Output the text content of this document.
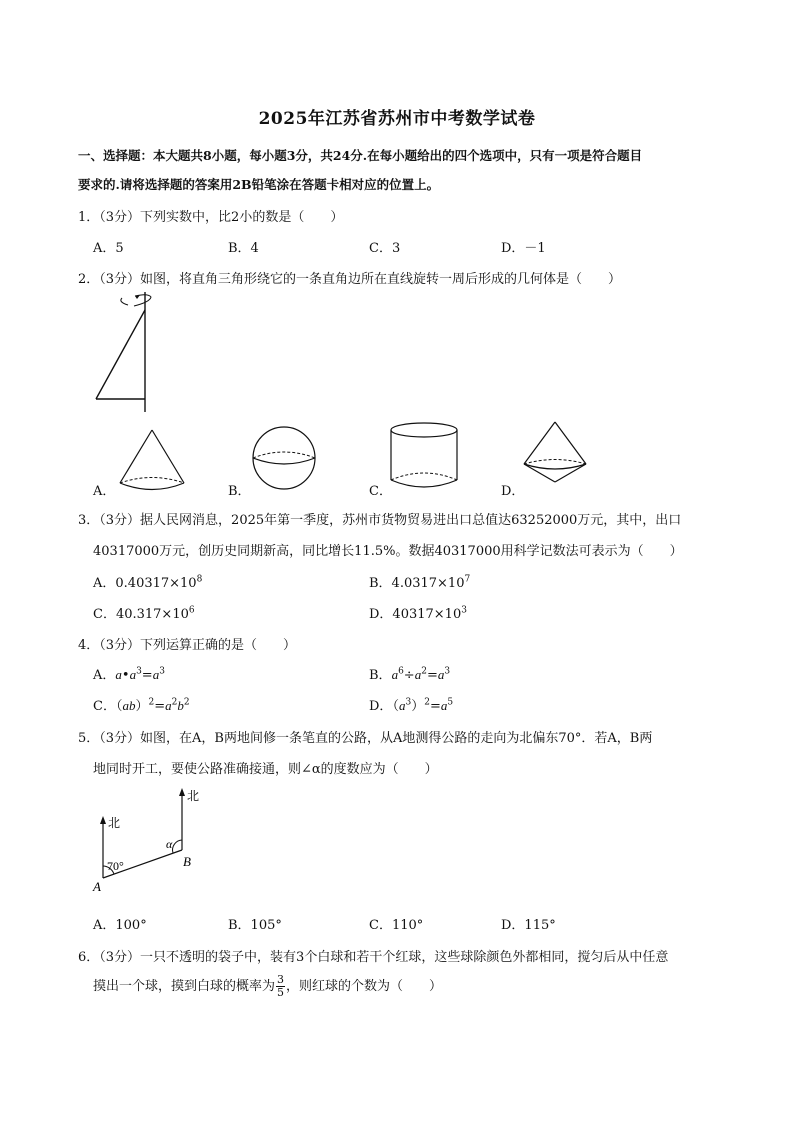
2025年江苏省苏州市中考数学试卷
一、选择题：本大题共8小题，每小题3分，共24分.在每小题给出的四个选项中，只有一项是符合题目
要求的.请将选择题的答案用2B铅笔涂在答题卡相对应的位置上。
1．（3分）下列实数中，比2小的数是（　　）
A．5	B．4	C．3	D．－1
2．（3分）如图，将直角三角形绕它的一条直角边所在直线旋转一周后形成的几何体是（　　）
A．	B．	C．	D．
3．（3分）据人民网消息，2025年第一季度，苏州市货物贸易进出口总值达63252000万元，其中，出口
40317000万元，创历史同期新高，同比增长11.5%。数据40317000用科学记数法可表示为（　　）
A．$0.40317\times 10^8$	B．$4.0317\times 10^7$
C．$40.317\times 10^6$	D．$40317\times 10^3$
4．（3分）下列运算正确的是（　　）
A．$a•a^3=a^3$	B．$a^6\div a^2=a^3$
C．$(ab)^2=a^2b^2$	D．$(a^3)^2=a^5$
5．（3分）如图，在A，B两地间修一条笔直的公路，从A地测得公路的走向为北偏东70°．若A，B两
地同时开工，要使公路准确接通，则∠α的度数应为（　　）
北
北
70°
α
A
B
A．100°	B．105°	C．110°	D．115°
6．（3分）一只不透明的袋子中，装有3个白球和若干个红球，这些球除颜色外都相同，搅匀后从中任意
摸出一个球，摸到白球的概率为 $\frac{3}{5}$ ，则红球的个数为（　　）
